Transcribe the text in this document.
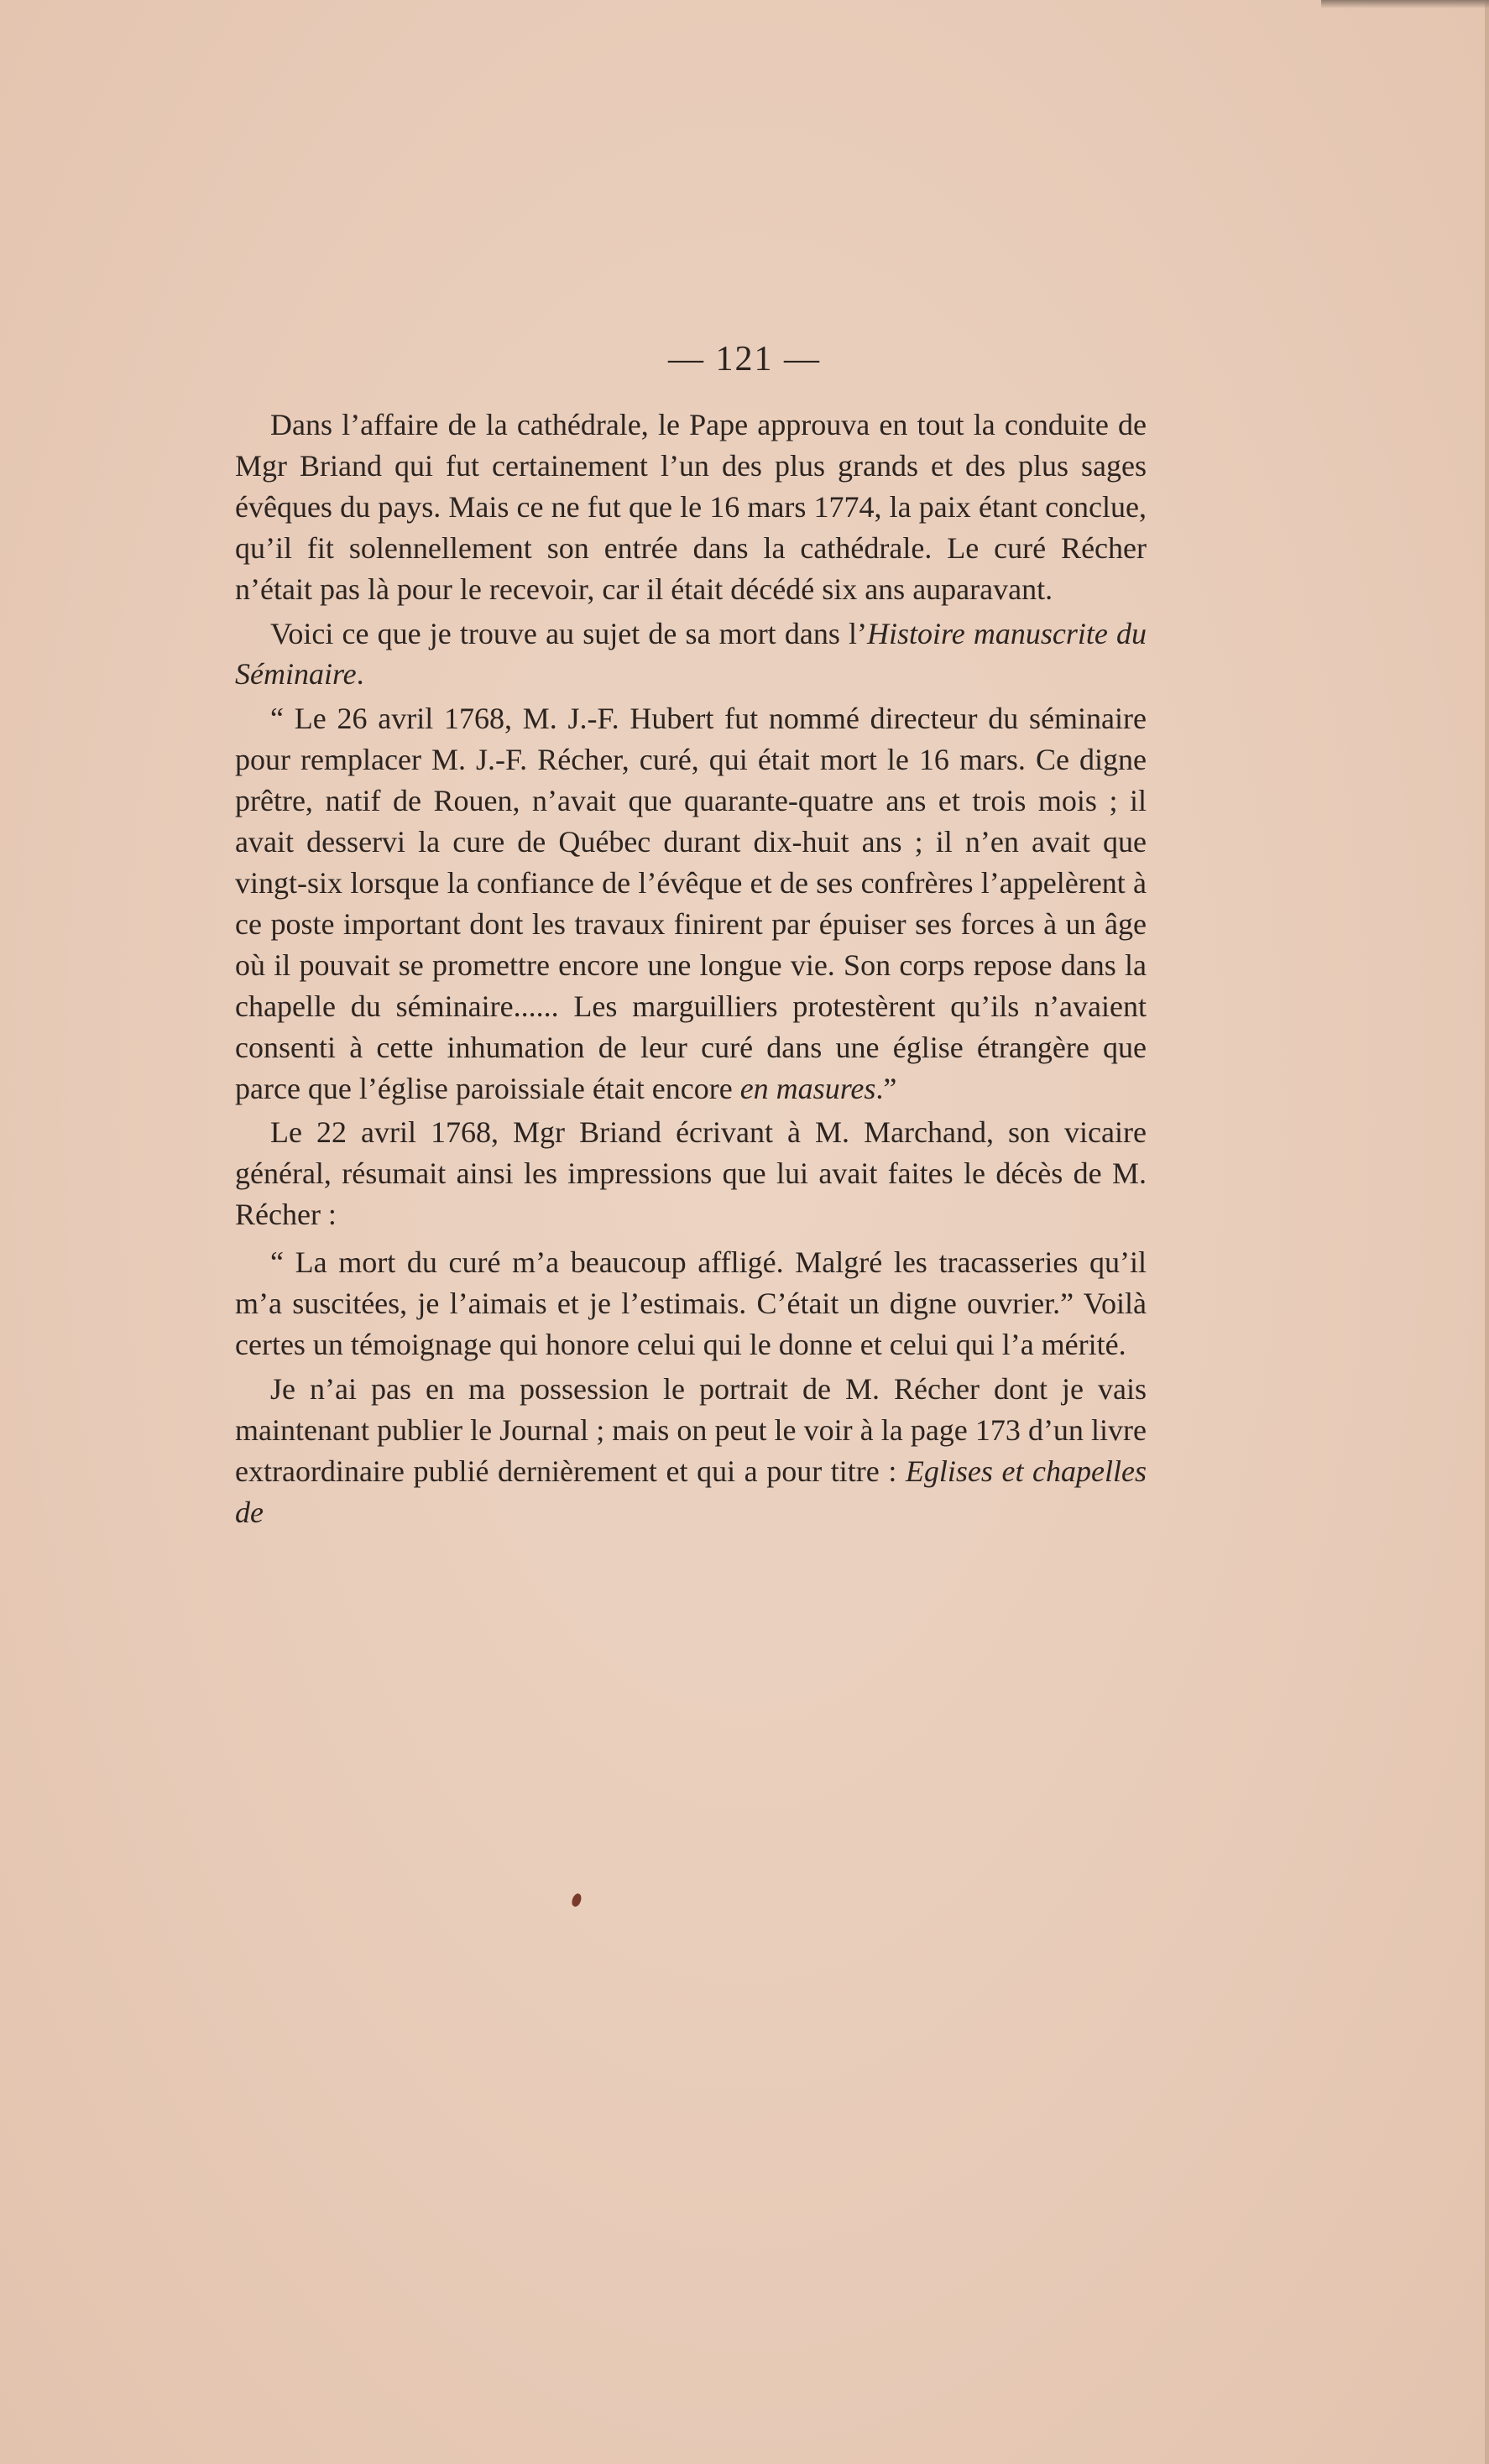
— 121 —

Dans l’affaire de la cathédrale, le Pape approuva en tout la conduite de Mgr Briand qui fut certainement l’un des plus grands et des plus sages évêques du pays. Mais ce ne fut que le 16 mars 1774, la paix étant conclue, qu’il fit solennellement son entrée dans la cathédrale. Le curé Récher n’était pas là pour le recevoir, car il était décédé six ans auparavant.

Voici ce que je trouve au sujet de sa mort dans l’Histoire manuscrite du Séminaire.

“ Le 26 avril 1768, M. J.-F. Hubert fut nommé directeur du séminaire pour remplacer M. J.-F. Récher, curé, qui était mort le 16 mars. Ce digne prêtre, natif de Rouen, n’avait que quarante-quatre ans et trois mois ; il avait desservi la cure de Québec durant dix-huit ans ; il n’en avait que vingt-six lorsque la confiance de l’évêque et de ses confrères l’appelèrent à ce poste important dont les travaux finirent par épuiser ses forces à un âge où il pouvait se promettre encore une longue vie. Son corps repose dans la chapelle du séminaire...... Les marguilliers protestèrent qu’ils n’avaient consenti à cette inhumation de leur curé dans une église étrangère que parce que l’église paroissiale était encore en masures.”

Le 22 avril 1768, Mgr Briand écrivant à M. Marchand, son vicaire général, résumait ainsi les impressions que lui avait faites le décès de M. Récher :

“ La mort du curé m’a beaucoup affligé. Malgré les tracasseries qu’il m’a suscitées, je l’aimais et je l’estimais. C’était un digne ouvrier.” Voilà certes un témoignage qui honore celui qui le donne et celui qui l’a mérité.

Je n’ai pas en ma possession le portrait de M. Récher dont je vais maintenant publier le Journal ; mais on peut le voir à la page 173 d’un livre extraordinaire publié dernièrement et qui a pour titre : Eglises et chapelles de
